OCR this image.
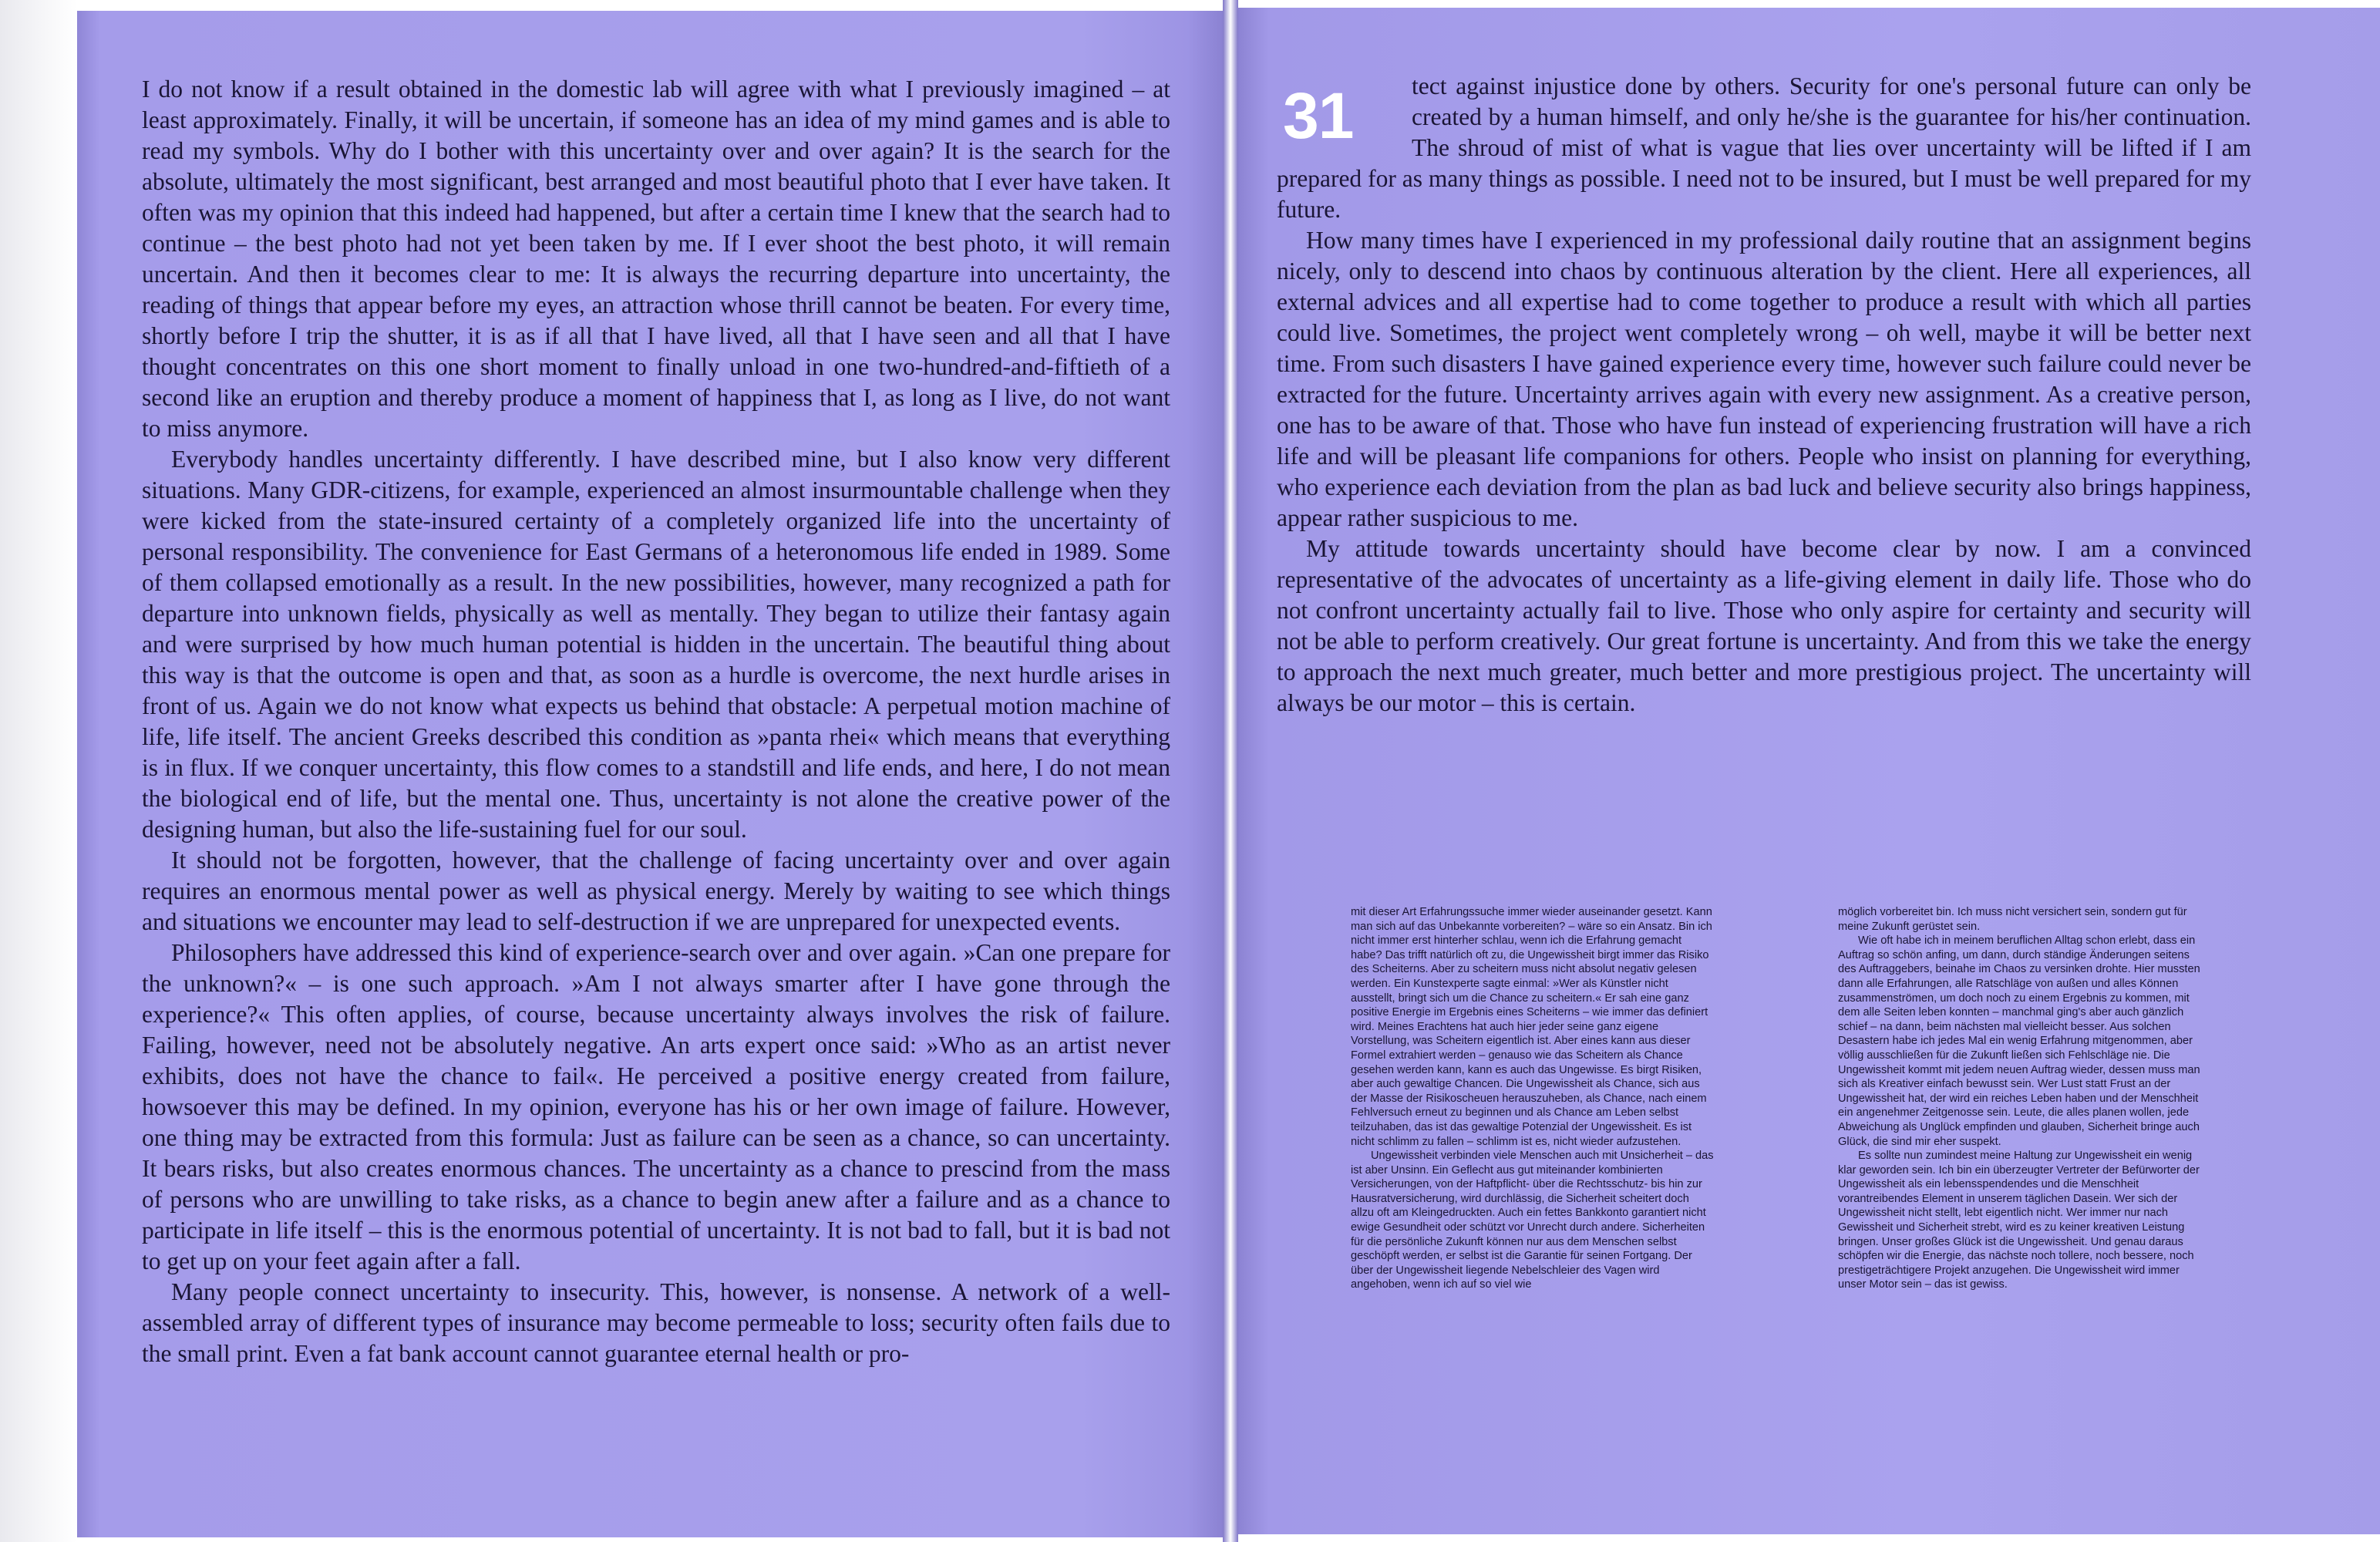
I do not know if a result obtained in the domestic lab will agree with what I previously imagined – at least approximately. Finally, it will be uncertain, if someone has an idea of my mind games and is able to read my symbols. Why do I bother with this uncertainty over and over again? It is the search for the absolute, ultimately the most significant, best arranged and most beautiful photo that I ever have taken. It often was my opinion that this indeed had happened, but after a certain time I knew that the search had to continue – the best photo had not yet been taken by me. If I ever shoot the best photo, it will remain uncertain. And then it becomes clear to me: It is always the recurring departure into uncertainty, the reading of things that appear before my eyes, an attraction whose thrill cannot be beaten. For every time, shortly before I trip the shutter, it is as if all that I have lived, all that I have seen and all that I have thought concentrates on this one short moment to finally unload in one two-hundred-and-fiftieth of a second like an eruption and thereby produce a moment of happiness that I, as long as I live, do not want to miss anymore.

Everybody handles uncertainty differently. I have described mine, but I also know very different situations. Many GDR-citizens, for example, experienced an almost insurmountable challenge when they were kicked from the state-insured certainty of a completely organized life into the uncertainty of personal responsibility. The convenience for East Germans of a heteronomous life ended in 1989. Some of them collapsed emotionally as a result. In the new possibilities, however, many recognized a path for departure into unknown fields, physically as well as mentally. They began to utilize their fantasy again and were surprised by how much human potential is hidden in the uncertain. The beautiful thing about this way is that the outcome is open and that, as soon as a hurdle is overcome, the next hurdle arises in front of us. Again we do not know what expects us behind that obstacle: A perpetual motion machine of life, life itself. The ancient Greeks described this condition as »panta rhei« which means that everything is in flux. If we conquer uncertainty, this flow comes to a standstill and life ends, and here, I do not mean the biological end of life, but the mental one. Thus, uncertainty is not alone the creative power of the designing human, but also the life-sustaining fuel for our soul.

It should not be forgotten, however, that the challenge of facing uncertainty over and over again requires an enormous mental power as well as physical energy. Merely by waiting to see which things and situations we encounter may lead to self-destruction if we are unprepared for unexpected events.

Philosophers have addressed this kind of experience-search over and over again. »Can one prepare for the unknown?« – is one such approach. »Am I not always smarter after I have gone through the experience?« This often applies, of course, because uncertainty always involves the risk of failure. Failing, however, need not be absolutely negative. An arts expert once said: »Who as an artist never exhibits, does not have the chance to fail«. He perceived a positive energy created from failure, howsoever this may be defined. In my opinion, everyone has his or her own image of failure. However, one thing may be extracted from this formula: Just as failure can be seen as a chance, so can uncertainty. It bears risks, but also creates enormous chances. The uncertainty as a chance to prescind from the mass of persons who are unwilling to take risks, as a chance to begin anew after a failure and as a chance to participate in life itself – this is the enormous potential of uncertainty. It is not bad to fall, but it is bad not to get up on your feet again after a fall.

Many people connect uncertainty to insecurity. This, however, is nonsense. A network of a well-assembled array of different types of insurance may become permeable to loss; security often fails due to the small print. Even a fat bank account cannot guarantee eternal health or pro-

31	tect against injustice done by others. Security for one's personal future can only be created by a human himself, and only he/she is the guarantee for his/her continuation. The shroud of mist of what is vague that lies over uncertainty will be lifted if I am prepared for as many things as possible. I need not to be insured, but I must be well prepared for my future.

How many times have I experienced in my professional daily routine that an assignment begins nicely, only to descend into chaos by continuous alteration by the client. Here all experiences, all external advices and all expertise had to come together to produce a result with which all parties could live. Sometimes, the project went completely wrong – oh well, maybe it will be better next time. From such disasters I have gained experience every time, however such failure could never be extracted for the future. Uncertainty arrives again with every new assignment. As a creative person, one has to be aware of that. Those who have fun instead of experiencing frustration will have a rich life and will be pleasant life companions for others. People who insist on planning for everything, who experience each deviation from the plan as bad luck and believe security also brings happiness, appear rather suspicious to me.

My attitude towards uncertainty should have become clear by now. I am a convinced representative of the advocates of uncertainty as a life-giving element in daily life. Those who do not confront uncertainty actually fail to live. Those who only aspire for certainty and security will not be able to perform creatively. Our great fortune is uncertainty. And from this we take the energy to approach the next much greater, much better and more prestigious project. The uncertainty will always be our motor – this is certain.

mit dieser Art Erfahrungssuche immer wieder auseinander gesetzt. Kann man sich auf das Unbekannte vorbereiten? – wäre so ein Ansatz. Bin ich nicht immer erst hinterher schlau, wenn ich die Erfahrung gemacht habe? Das trifft natürlich oft zu, die Ungewissheit birgt immer das Risiko des Scheiterns. Aber zu scheitern muss nicht absolut negativ gelesen werden. Ein Kunstexperte sagte einmal: »Wer als Künstler nicht ausstellt, bringt sich um die Chance zu scheitern.« Er sah eine ganz positive Energie im Ergebnis eines Scheiterns – wie immer das definiert wird. Meines Erachtens hat auch hier jeder seine ganz eigene Vorstellung, was Scheitern eigentlich ist. Aber eines kann aus dieser Formel extrahiert werden – genauso wie das Scheitern als Chance gesehen werden kann, kann es auch das Ungewisse. Es birgt Risiken, aber auch gewaltige Chancen. Die Ungewissheit als Chance, sich aus der Masse der Risikoscheuen herauszuheben, als Chance, nach einem Fehlversuch erneut zu beginnen und als Chance am Leben selbst teilzuhaben, das ist das gewaltige Potenzial der Ungewissheit. Es ist nicht schlimm zu fallen – schlimm ist es, nicht wieder aufzustehen.

Ungewissheit verbinden viele Menschen auch mit Unsicherheit – das ist aber Unsinn. Ein Geflecht aus gut miteinander kombinierten Versicherungen, von der Haftpflicht- über die Rechtsschutz- bis hin zur Hausratversicherung, wird durchlässig, die Sicherheit scheitert doch allzu oft am Kleingedruckten. Auch ein fettes Bankkonto garantiert nicht ewige Gesundheit oder schützt vor Unrecht durch andere. Sicherheiten für die persönliche Zukunft können nur aus dem Menschen selbst geschöpft werden, er selbst ist die Garantie für seinen Fortgang. Der über der Ungewissheit liegende Nebelschleier des Vagen wird angehoben, wenn ich auf so viel wie

möglich vorbereitet bin. Ich muss nicht versichert sein, sondern gut für meine Zukunft gerüstet sein.

Wie oft habe ich in meinem beruflichen Alltag schon erlebt, dass ein Auftrag so schön anfing, um dann, durch ständige Änderungen seitens des Auftraggebers, beinahe im Chaos zu versinken drohte. Hier mussten dann alle Erfahrungen, alle Ratschläge von außen und alles Können zusammenströmen, um doch noch zu einem Ergebnis zu kommen, mit dem alle Seiten leben konnten – manchmal ging's aber auch gänzlich schief – na dann, beim nächsten mal vielleicht besser. Aus solchen Desastern habe ich jedes Mal ein wenig Erfahrung mitgenommen, aber völlig ausschließen für die Zukunft ließen sich Fehlschläge nie. Die Ungewissheit kommt mit jedem neuen Auftrag wieder, dessen muss man sich als Kreativer einfach bewusst sein. Wer Lust statt Frust an der Ungewissheit hat, der wird ein reiches Leben haben und der Menschheit ein angenehmer Zeitgenosse sein. Leute, die alles planen wollen, jede Abweichung als Unglück empfinden und glauben, Sicherheit bringe auch Glück, die sind mir eher suspekt.

Es sollte nun zumindest meine Haltung zur Ungewissheit ein wenig klar geworden sein. Ich bin ein überzeugter Vertreter der Befürworter der Ungewissheit als ein lebensspendendes und die Menschheit vorantreibendes Element in unserem täglichen Dasein. Wer sich der Ungewissheit nicht stellt, lebt eigentlich nicht. Wer immer nur nach Gewissheit und Sicherheit strebt, wird es zu keiner kreativen Leistung bringen. Unser großes Glück ist die Ungewissheit. Und genau daraus schöpfen wir die Energie, das nächste noch tollere, noch bessere, noch prestigeträchtigere Projekt anzugehen. Die Ungewissheit wird immer unser Motor sein – das ist gewiss.
